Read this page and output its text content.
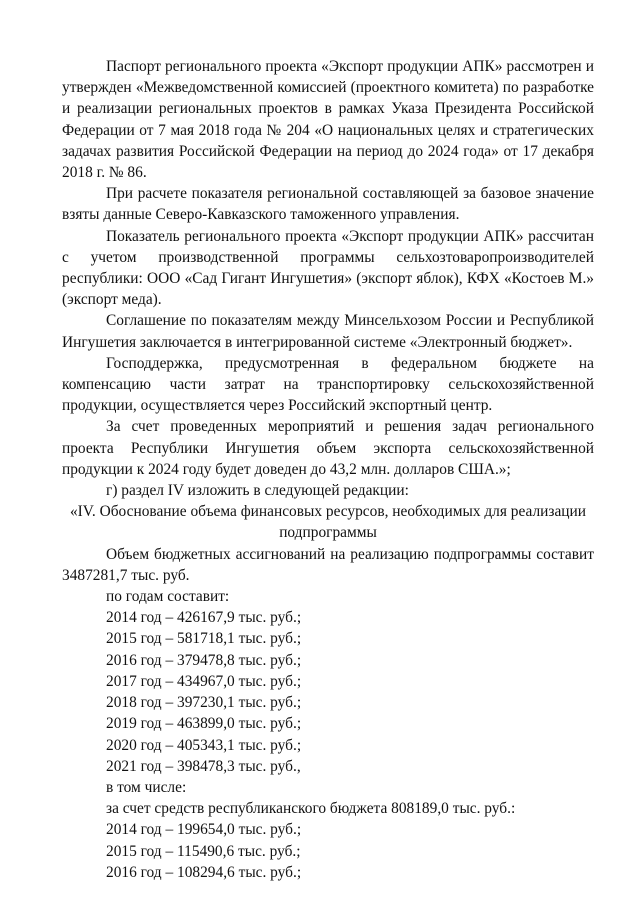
Паспорт регионального проекта «Экспорт продукции АПК» рассмотрен и утвержден «Межведомственной комиссией (проектного комитета) по разработке и реализации региональных проектов в рамках Указа Президента Российской Федерации от 7 мая 2018 года № 204 «О национальных целях и стратегических задачах развития Российской Федерации на период до 2024 года» от 17 декабря 2018 г. № 86.

При расчете показателя региональной составляющей за базовое значение взяты данные Северо-Кавказского таможенного управления.

Показатель регионального проекта «Экспорт продукции АПК» рассчитан с учетом производственной программы сельхозтоваропроизводителей республики: ООО «Сад Гигант Ингушетия» (экспорт яблок), КФХ «Костоев М.» (экспорт меда).

Соглашение по показателям между Минсельхозом России и Республикой Ингушетия заключается в интегрированной системе «Электронный бюджет».

Господдержка, предусмотренная в федеральном бюджете на компенсацию части затрат на транспортировку сельскохозяйственной продукции, осуществляется через Российский экспортный центр.

За счет проведенных мероприятий и решения задач регионального проекта Республики Ингушетия объем экспорта сельскохозяйственной продукции к 2024 году будет доведен до 43,2 млн. долларов США.»;

г) раздел IV изложить в следующей редакции:

«IV. Обоснование объема финансовых ресурсов, необходимых для реализации подпрограммы

Объем бюджетных ассигнований на реализацию подпрограммы составит 3487281,7 тыс. руб.

по годам составит:

2014 год – 426167,9 тыс. руб.;

2015 год – 581718,1 тыс. руб.;

2016 год – 379478,8 тыс. руб.;

2017 год – 434967,0 тыс. руб.;

2018 год – 397230,1 тыс. руб.;

2019 год – 463899,0 тыс. руб.;

2020 год – 405343,1 тыс. руб.;

2021 год – 398478,3 тыс. руб.,

в том числе:

за счет средств республиканского бюджета 808189,0 тыс. руб.:

2014 год – 199654,0 тыс. руб.;

2015 год – 115490,6 тыс. руб.;

2016 год – 108294,6 тыс. руб.;
